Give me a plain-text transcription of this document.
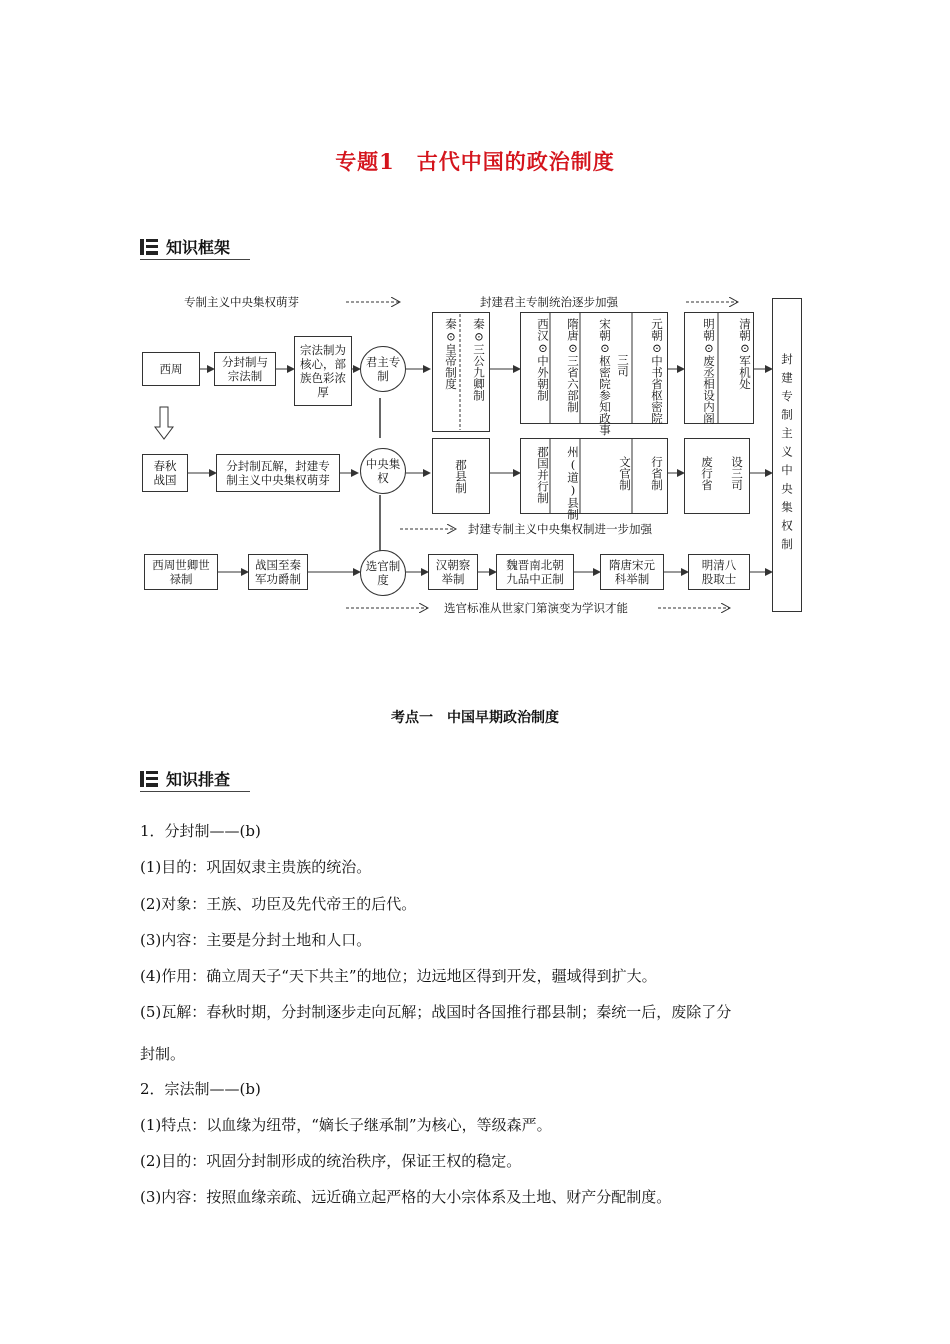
专题1　古代中国的政治制度
知识框架
专制主义中央集权萌芽	封建君主专制统治逐步加强
封建专制主义中央集权制进一步加强
选官标准从世家门第演变为学识才能
西周	分封制与宗法制
宗法制为核心，部族色彩浓厚
君主专制	秦⊙皇帝制度	秦⊙三公九卿制	西汉⊙中外朝制	隋唐⊙三省六部制 宋朝⊙枢密院参知政事 三司	元朝⊙中书省枢密院	明朝⊙废丞相设内阁	清朝⊙军机处
春秋战国
分封制瓦解，封建专制主义中央集权萌芽
中央集权	郡县制	郡国并行制	州(道)县制	文官制	行省制	废行省	设三司
西周世卿世禄制
战国至秦军功爵制
选官制度
汉朝察举制
魏晋南北朝九品中正制
隋唐宋元科举制
明清八股取士
封建专制主义中央集权制
考点一　中国早期政治制度
知识排查
1．分封制——(b)
(1)目的：巩固奴隶主贵族的统治。
(2)对象：王族、功臣及先代帝王的后代。
(3)内容：主要是分封土地和人口。
(4)作用：确立周天子“天下共主”的地位；边远地区得到开发，疆域得到扩大。
(5)瓦解：春秋时期，分封制逐步走向瓦解；战国时各国推行郡县制；秦统一后，废除了分
封制。
2．宗法制——(b)
(1)特点：以血缘为纽带，“嫡长子继承制”为核心，等级森严。
(2)目的：巩固分封制形成的统治秩序，保证王权的稳定。
(3)内容：按照血缘亲疏、远近确立起严格的大小宗体系及土地、财产分配制度。
